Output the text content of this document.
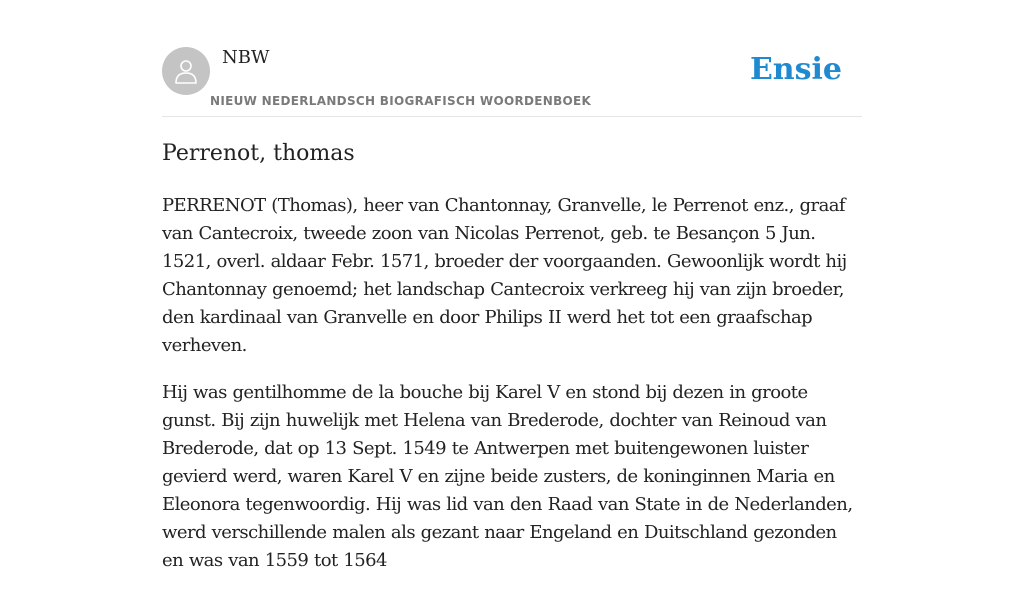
NBW
NIEUW NEDERLANDSCH BIOGRAFISCH WOORDENBOEK
Ensie
Perrenot, thomas

PERRENOT (Thomas), heer van Chantonnay, Granvelle, le Perrenot enz., graaf van Cantecroix, tweede zoon van Nicolas Perrenot, geb. te Besançon 5 Jun. 1521, overl. aldaar Febr. 1571, broeder der voorgaanden. Gewoonlijk wordt hij Chantonnay genoemd; het landschap Cantecroix verkreeg hij van zijn broeder, den kardinaal van Granvelle en door Philips II werd het tot een graafschap verheven.

Hij was gentilhomme de la bouche bij Karel V en stond bij dezen in groote gunst. Bij zijn huwelijk met Helena van Brederode, dochter van Reinoud van Brederode, dat op 13 Sept. 1549 te Antwerpen met buitengewonen luister gevierd werd, waren Karel V en zijne beide zusters, de koninginnen Maria en Eleonora tegenwoordig. Hij was lid van den Raad van State in de Nederlanden, werd verschillende malen als gezant naar Engeland en Duitschland gezonden en was van 1559 tot 1564
